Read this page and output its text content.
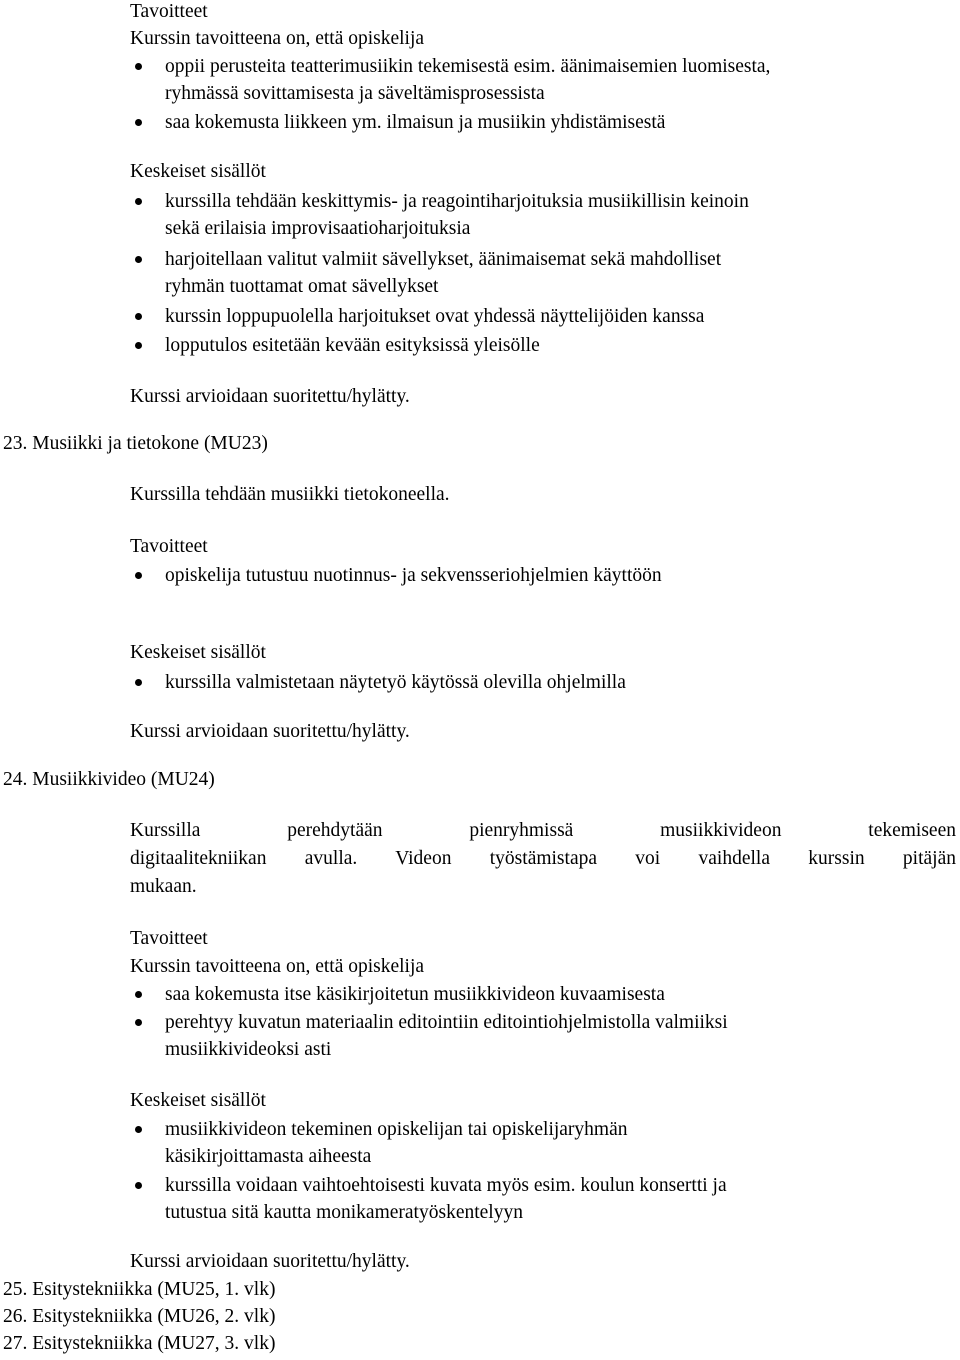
Tavoitteet
Kurssin tavoitteena on, että opiskelija
oppii perusteita teatterimusiikin tekemisestä esim. äänimaisemien luomisesta,
ryhmässä sovittamisesta ja säveltämisprosessista
saa kokemusta liikkeen ym. ilmaisun ja musiikin yhdistämisestä
Keskeiset sisällöt
kurssilla tehdään keskittymis- ja reagointiharjoituksia musiikillisin keinoin
sekä erilaisia improvisaatioharjoituksia
harjoitellaan valitut valmiit sävellykset, äänimaisemat sekä mahdolliset
ryhmän tuottamat omat sävellykset
kurssin loppupuolella harjoitukset ovat yhdessä näyttelijöiden kanssa
lopputulos esitetään kevään esityksissä yleisölle
Kurssi arvioidaan suoritettu/hylätty.
23. Musiikki ja tietokone (MU23)
Kurssilla tehdään musiikki tietokoneella.
Tavoitteet
opiskelija tutustuu nuotinnus- ja sekvensseriohjelmien käyttöön
Keskeiset sisällöt
kurssilla valmistetaan näytetyö käytössä olevilla ohjelmilla
Kurssi arvioidaan suoritettu/hylätty.
24. Musiikkivideo (MU24)
Kurssilla perehdytään pienryhmissä musiikkivideon tekemiseen
digitaalitekniikan avulla. Videon työstämistapa voi vaihdella kurssin pitäjän
mukaan.
Tavoitteet
Kurssin tavoitteena on, että opiskelija
saa kokemusta itse käsikirjoitetun musiikkivideon kuvaamisesta
perehtyy kuvatun materiaalin editointiin editointiohjelmistolla valmiiksi
musiikkivideoksi asti
Keskeiset sisällöt
musiikkivideon tekeminen opiskelijan tai opiskelijaryhmän
käsikirjoittamasta aiheesta
kurssilla voidaan vaihtoehtoisesti kuvata myös esim. koulun konsertti ja
tutustua sitä kautta monikameratyöskentelyyn
Kurssi arvioidaan suoritettu/hylätty.
25. Esitystekniikka (MU25, 1. vlk)
26. Esitystekniikka (MU26, 2. vlk)
27. Esitystekniikka (MU27, 3. vlk)
